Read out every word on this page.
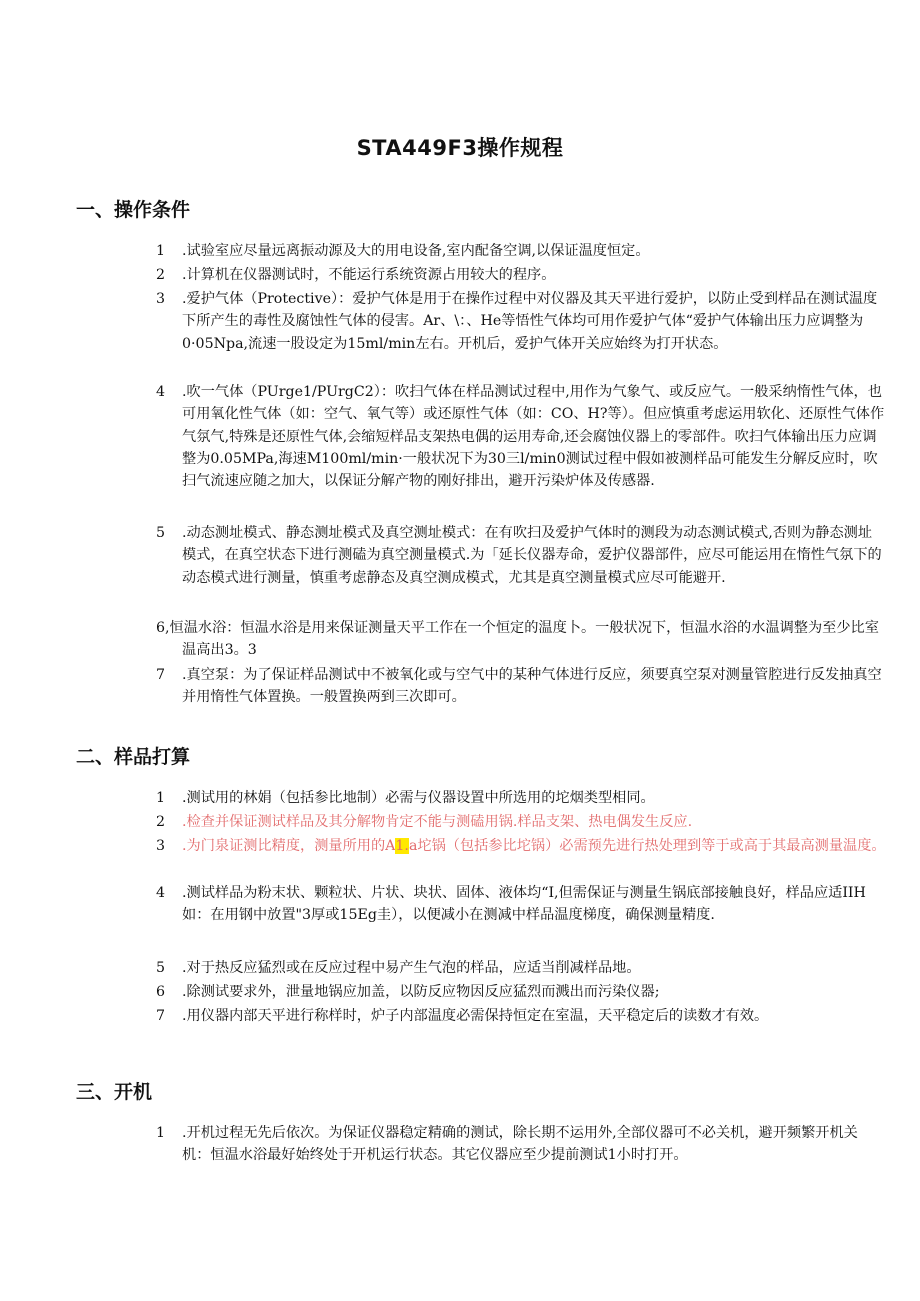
STA449F3操作规程
一、操作条件
1	.试验室应尽量远离振动源及大的用电设备,室内配备空调,以保证温度恒定。
2	.计算机在仪器测试时，不能运行系统资源占用较大的程序。
3	.爱护气体（Protective）：爱护气体是用于在操作过程中对仪器及其天平进行爱护，以防止受到样品在测试温度下所产生的毒性及腐蚀性气体的侵害。Ar、\：、He等悟性气体均可用作爱护气体“爱护气体输出压力应调整为0·05Npa,流速一股设定为15ml/min左右。开机后，爱护气体开关应始终为打开状态。
4	.吹一气体（PUrge1/PUrgC2）：吹扫气体在样品测试过程中,用作为气象气、或反应气。一般采纳惰性气体，也可用氧化性气体（如：空气、氧气等）或还原性气体（如：CO、H?等）。但应慎重考虑运用软化、还原性气体作气氛气,特殊是还原性气体,会缩短样品支架热电偶的运用寿命,还会腐蚀仪器上的零部件。吹扫气体输出压力应调整为0.05MPa,海速M100ml/min·一般状况下为30三l/min0测试过程中假如被测样品可能发生分解反应时，吹扫气流速应随之加大，以保证分解产物的刚好排出，避开污染炉体及传感器.
5	.动态测址模式、静态测址模式及真空测址模式：在有吹扫及爱护气体时的测段为动态测试模式,否则为静态测址模式，在真空状态下进行测磕为真空测量模式.为「延长仪器寿命，爱护仪器部件，应尽可能运用在惰性气氛下的动态模式进行测量，慎重考虑静态及真空测成模式，尤其是真空测量模式应尽可能避开.
6,恒温水浴：恒温水浴是用来保证测量天平工作在一个恒定的温度卜。一般状况下，恒温水浴的水温调整为至少比室温高出3。3
7	.真空泵：为了保证样品测试中不被氧化或与空气中的某种气体进行反应，须要真空泵对测量管腔进行反发抽真空并用惰性气体置换。一般置换两到三次即可。
二、样品打算
1	.测试用的林娟（包括参比地制）必需与仪器设置中所选用的坨烟类型相同。
2	.检查并保证测试样品及其分解物肯定不能与测磕用锅.样品支架、热电偶发生反应.
3	.为门泉证测比精度，测量所用的A1.a坨锅（包括参比坨锅）必需预先进行热处理到等于或高于其最高测量温度。
4	.测试样品为粉末状、颗粒状、片状、块状、固体、液体均“I,但需保证与测量生锅底部接触良好，样品应适IIH如：在用钢中放置"3厚或15Eg圭），以便减小在测减中样品温度梯度，确保测量精度.
5	.对于热反应猛烈或在反应过程中易产生气泡的样品，应适当削减样品地。
6	.除测试要求外，泄量地锅应加盖，以防反应物因反应猛烈而溅出而污染仪器;
7	.用仪器内部天平进行称样时，炉子内部温度必需保持恒定在室温，天平稳定后的读数才有效。
三、开机
1	.开机过程无先后依次。为保证仪器稳定精确的测试，除长期不运用外,全部仪器可不必关机，避开频繁开机关机：恒温水浴最好始终处于开机运行状态。其它仪器应至少提前测试1小时打开。
